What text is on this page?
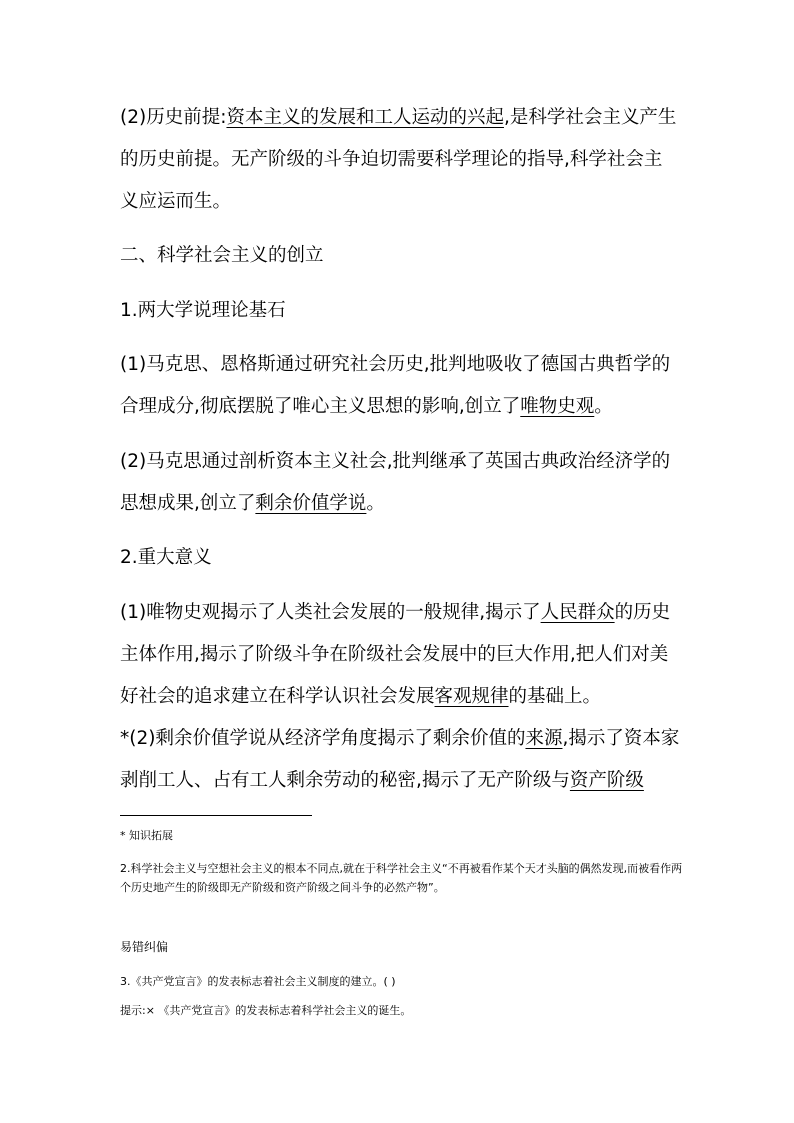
(2)历史前提:资本主义的发展和工人运动的兴起,是科学社会主义产生的历史前提。无产阶级的斗争迫切需要科学理论的指导,科学社会主义应运而生。

二、科学社会主义的创立

1.两大学说理论基石

(1)马克思、恩格斯通过研究社会历史,批判地吸收了德国古典哲学的合理成分,彻底摆脱了唯心主义思想的影响,创立了唯物史观。

(2)马克思通过剖析资本主义社会,批判继承了英国古典政治经济学的思想成果,创立了剩余价值学说。

2.重大意义

(1)唯物史观揭示了人类社会发展的一般规律,揭示了人民群众的历史主体作用,揭示了阶级斗争在阶级社会发展中的巨大作用,把人们对美好社会的追求建立在科学认识社会发展客观规律的基础上。

*(2)剩余价值学说从经济学角度揭示了剩余价值的来源,揭示了资本家剥削工人、占有工人剩余劳动的秘密,揭示了无产阶级与资产阶级

* 知识拓展

2.科学社会主义与空想社会主义的根本不同点,就在于科学社会主义“不再被看作某个天才头脑的偶然发现,而被看作两个历史地产生的阶级即无产阶级和资产阶级之间斗争的必然产物”。

易错纠偏

3.《共产党宣言》的发表标志着社会主义制度的建立。( )

提示:× 《共产党宣言》的发表标志着科学社会主义的诞生。
